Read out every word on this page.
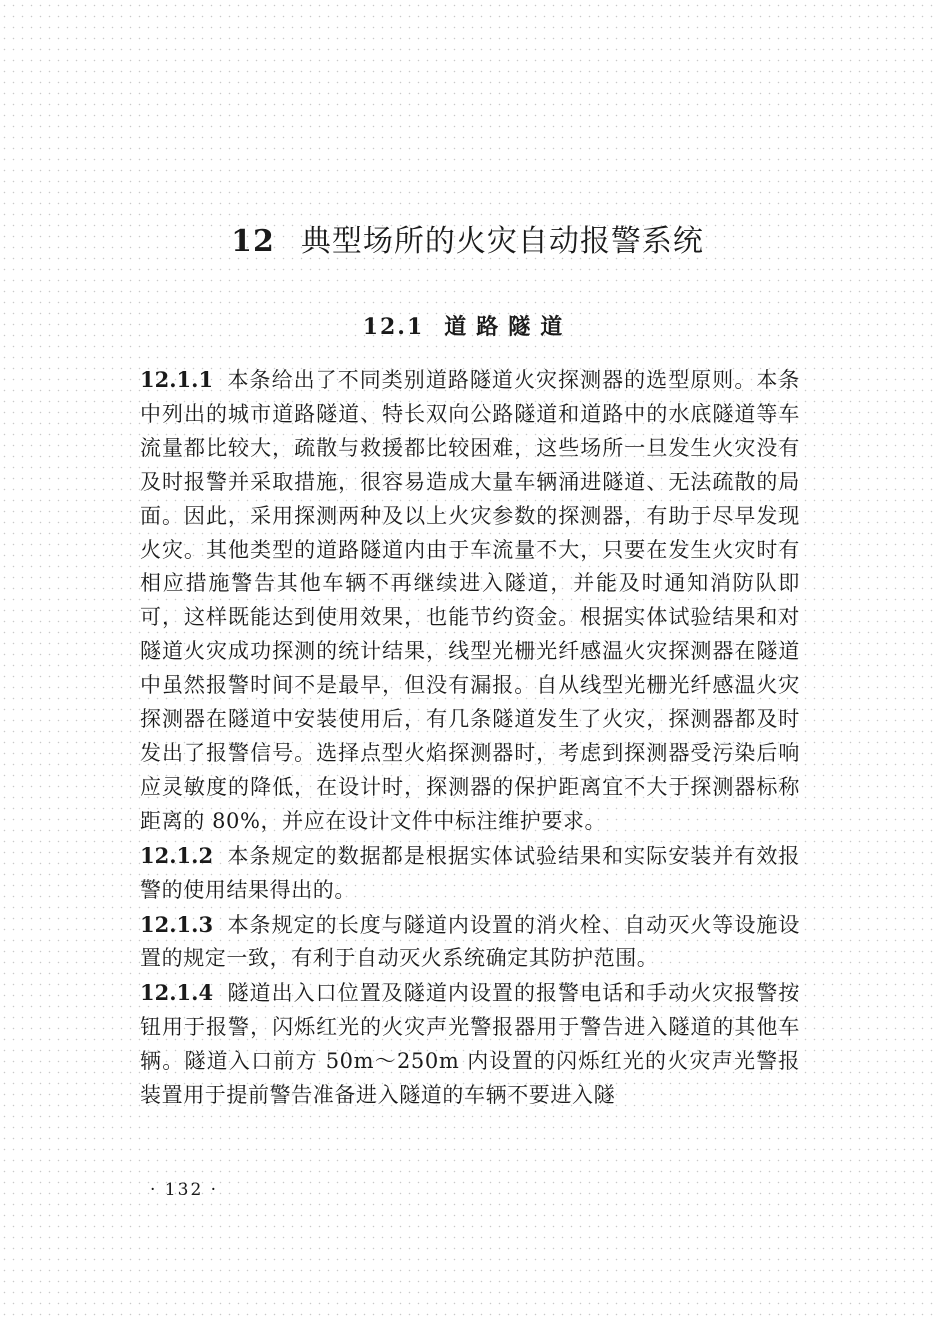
12 典型场所的火灾自动报警系统
12.1 道路隧道

12.1.1 本条给出了不同类别道路隧道火灾探测器的选型原则。本条中列出的城市道路隧道、特长双向公路隧道和道路中的水底隧道等车流量都比较大，疏散与救援都比较困难，这些场所一旦发生火灾没有及时报警并采取措施，很容易造成大量车辆涌进隧道、无法疏散的局面。因此，采用探测两种及以上火灾参数的探测器，有助于尽早发现火灾。其他类型的道路隧道内由于车流量不大，只要在发生火灾时有相应措施警告其他车辆不再继续进入隧道，并能及时通知消防队即可，这样既能达到使用效果，也能节约资金。根据实体试验结果和对隧道火灾成功探测的统计结果，线型光栅光纤感温火灾探测器在隧道中虽然报警时间不是最早，但没有漏报。自从线型光栅光纤感温火灾探测器在隧道中安装使用后，有几条隧道发生了火灾，探测器都及时发出了报警信号。选择点型火焰探测器时，考虑到探测器受污染后响应灵敏度的降低，在设计时，探测器的保护距离宜不大于探测器标称距离的 80%，并应在设计文件中标注维护要求。

12.1.2 本条规定的数据都是根据实体试验结果和实际安装并有效报警的使用结果得出的。

12.1.3 本条规定的长度与隧道内设置的消火栓、自动灭火等设施设置的规定一致，有利于自动灭火系统确定其防护范围。

12.1.4 隧道出入口位置及隧道内设置的报警电话和手动火灾报警按钮用于报警，闪烁红光的火灾声光警报器用于警告进入隧道的其他车辆。隧道入口前方 50m～250m 内设置的闪烁红光的火灾声光警报装置用于提前警告准备进入隧道的车辆不要进入隧

· 132 ·
